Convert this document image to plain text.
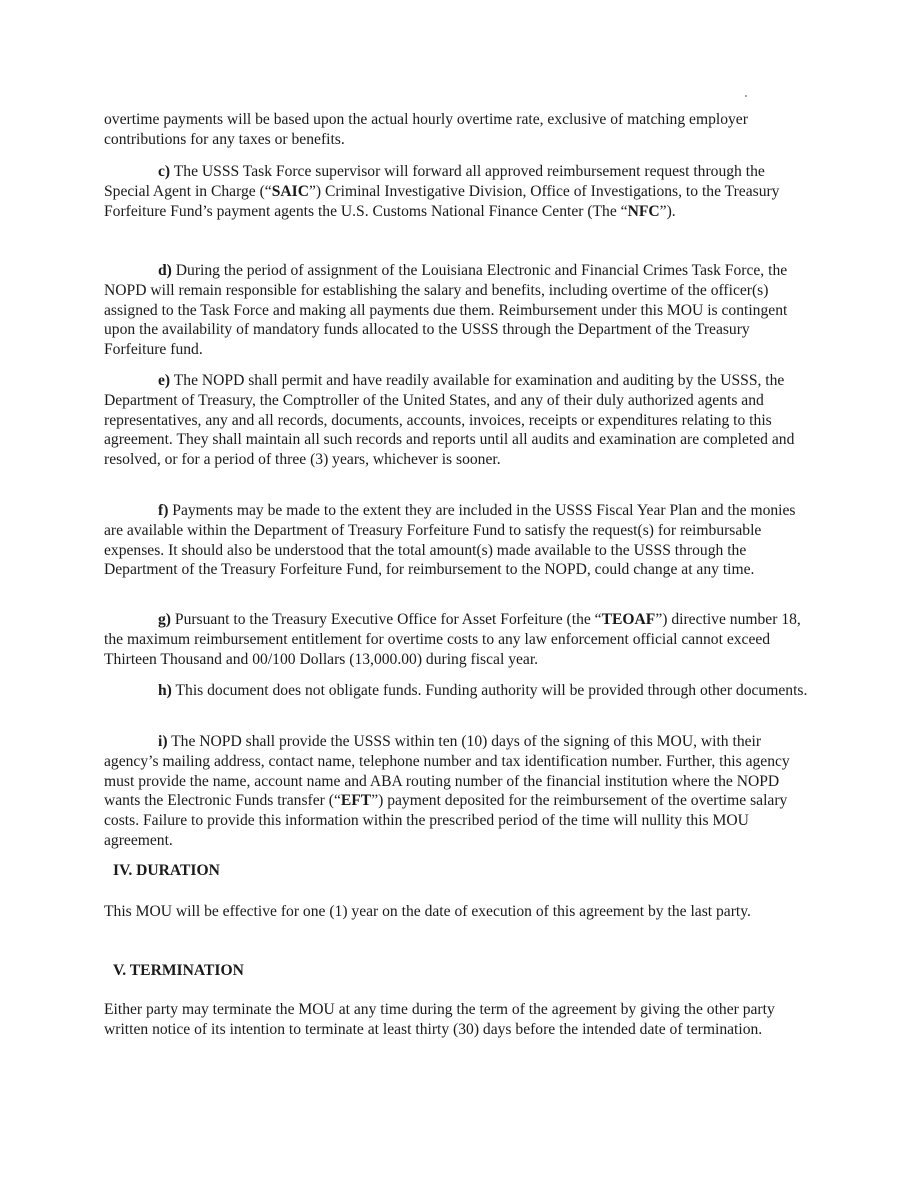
overtime payments will be based upon the actual hourly overtime rate, exclusive of matching employer contributions for any taxes or benefits.

c) The USSS Task Force supervisor will forward all approved reimbursement request through the Special Agent in Charge (“SAIC”) Criminal Investigative Division, Office of Investigations, to the Treasury Forfeiture Fund’s payment agents the U.S. Customs National Finance Center (The “NFC”).

d) During the period of assignment of the Louisiana Electronic and Financial Crimes Task Force, the NOPD will remain responsible for establishing the salary and benefits, including overtime of the officer(s) assigned to the Task Force and making all payments due them. Reimbursement under this MOU is contingent upon the availability of mandatory funds allocated to the USSS through the Department of the Treasury Forfeiture fund.

e) The NOPD shall permit and have readily available for examination and auditing by the USSS, the Department of Treasury, the Comptroller of the United States, and any of their duly authorized agents and representatives, any and all records, documents, accounts, invoices, receipts or expenditures relating to this agreement. They shall maintain all such records and reports until all audits and examination are completed and resolved, or for a period of three (3) years, whichever is sooner.

f) Payments may be made to the extent they are included in the USSS Fiscal Year Plan and the monies are available within the Department of Treasury Forfeiture Fund to satisfy the request(s) for reimbursable expenses. It should also be understood that the total amount(s) made available to the USSS through the Department of the Treasury Forfeiture Fund, for reimbursement to the NOPD, could change at any time.

g) Pursuant to the Treasury Executive Office for Asset Forfeiture (the “TEOAF”) directive number 18, the maximum reimbursement entitlement for overtime costs to any law enforcement official cannot exceed Thirteen Thousand and 00/100 Dollars (13,000.00) during fiscal year.

h) This document does not obligate funds. Funding authority will be provided through other documents.

i) The NOPD shall provide the USSS within ten (10) days of the signing of this MOU, with their agency’s mailing address, contact name, telephone number and tax identification number. Further, this agency must provide the name, account name and ABA routing number of the financial institution where the NOPD wants the Electronic Funds transfer (“EFT”) payment deposited for the reimbursement of the overtime salary costs. Failure to provide this information within the prescribed period of the time will nullity this MOU agreement.

IV. DURATION

This MOU will be effective for one (1) year on the date of execution of this agreement by the last party.

V. TERMINATION

Either party may terminate the MOU at any time during the term of the agreement by giving the other party written notice of its intention to terminate at least thirty (30) days before the intended date of termination.
